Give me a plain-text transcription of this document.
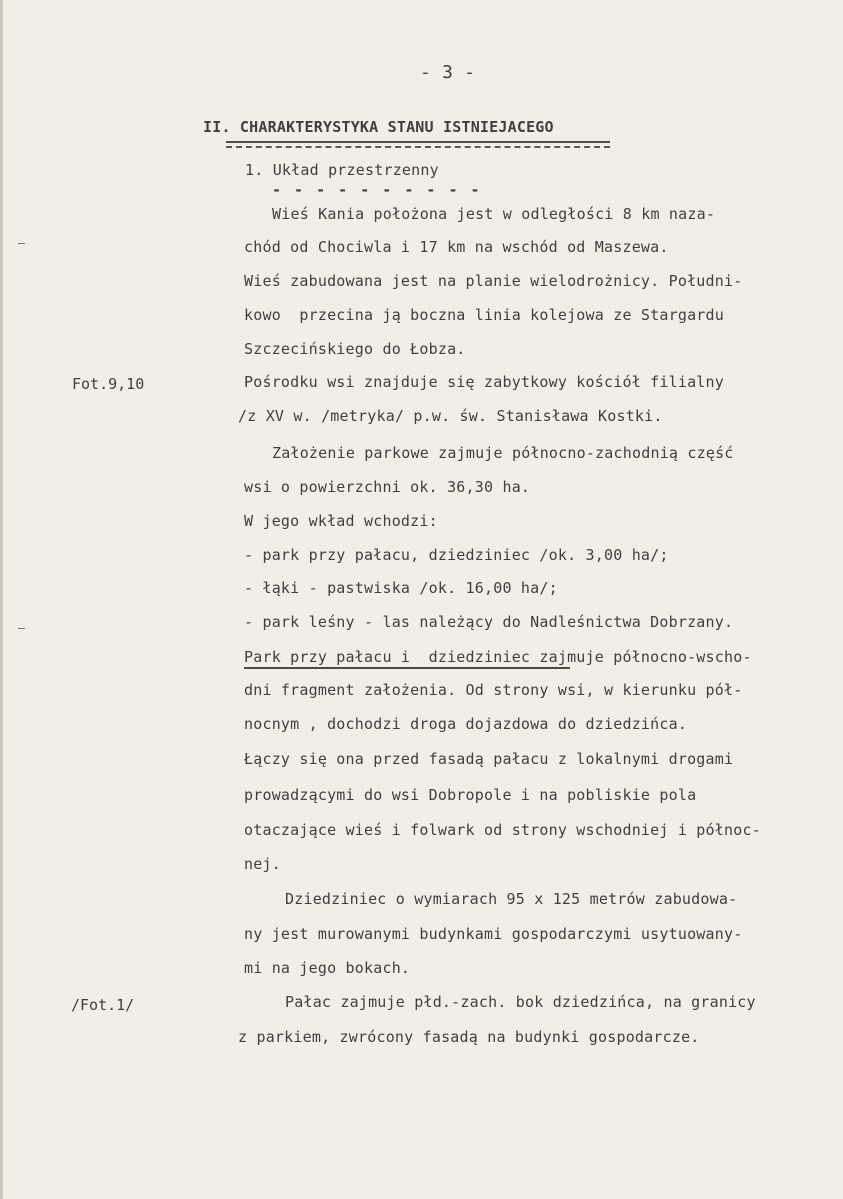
- 3 -
II. CHARAKTERYSTYKA STANU ISTNIEJACEGO
1. Układ przestrzenny
- - - - - - - - - -
Fot.9,10
/Fot.1/
Wieś Kania położona jest w odległości 8 km naza-
chód od Chociwla i 17 km na wschód od Maszewa.
Wieś zabudowana jest na planie wielodrożnicy. Południ-
kowo  przecina ją boczna linia kolejowa ze Stargardu
Szczecińskiego do Łobza.
Pośrodku wsi znajduje się zabytkowy kościół filialny
/z XV w. /metryka/ p.w. św. Stanisława Kostki.
Założenie parkowe zajmuje północno-zachodnią część
wsi o powierzchni ok. 36,30 ha.
W jego wkład wchodzi:
- park przy pałacu, dziedziniec /ok. 3,00 ha/;
- łąki - pastwiska /ok. 16,00 ha/;
- park leśny - las należący do Nadleśnictwa Dobrzany.
Park przy pałacu i  dziedziniec zajmuje północno-wscho-
dni fragment założenia. Od strony wsi, w kierunku pół-
nocnym , dochodzi droga dojazdowa do dziedzińca.
Łączy się ona przed fasadą pałacu z lokalnymi drogami
prowadzącymi do wsi Dobropole i na pobliskie pola
otaczające wieś i folwark od strony wschodniej i północ-
nej.
Dziedziniec o wymiarach 95 x 125 metrów zabudowa-
ny jest murowanymi budynkami gospodarczymi usytuowany-
mi na jego bokach.
Pałac zajmuje płd.-zach. bok dziedzińca, na granicy
z parkiem, zwrócony fasadą na budynki gospodarcze.
